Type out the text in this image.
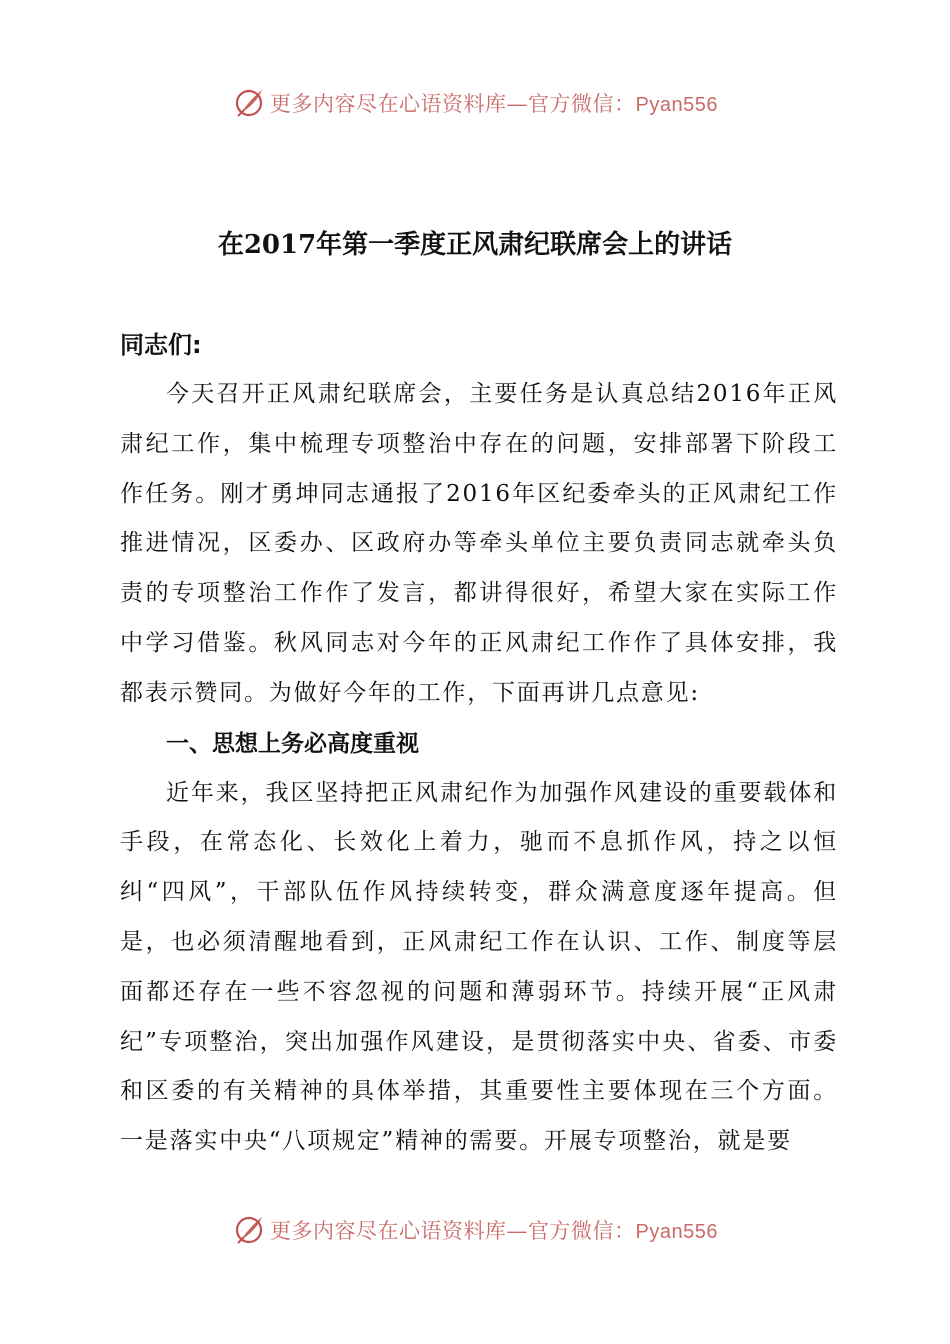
更多内容尽在心语资料库—官方微信：Pyan556
在2017年第一季度正风肃纪联席会上的讲话

同志们:

今天召开正风肃纪联席会，主要任务是认真总结2016年正风肃纪工作，集中梳理专项整治中存在的问题，安排部署下阶段工作任务。刚才勇坤同志通报了2016年区纪委牵头的正风肃纪工作推进情况，区委办、区政府办等牵头单位主要负责同志就牵头负责的专项整治工作作了发言，都讲得很好，希望大家在实际工作中学习借鉴。秋风同志对今年的正风肃纪工作作了具体安排，我都表示赞同。为做好今年的工作，下面再讲几点意见:

一、思想上务必高度重视

近年来，我区坚持把正风肃纪作为加强作风建设的重要载体和手段，在常态化、长效化上着力，驰而不息抓作风，持之以恒纠“四风”，干部队伍作风持续转变，群众满意度逐年提高。但是，也必须清醒地看到，正风肃纪工作在认识、工作、制度等层面都还存在一些不容忽视的问题和薄弱环节。持续开展“正风肃纪”专项整治，突出加强作风建设，是贯彻落实中央、省委、市委和区委的有关精神的具体举措，其重要性主要体现在三个方面。一是落实中央“八项规定”精神的需要。开展专项整治，就是要

更多内容尽在心语资料库—官方微信：Pyan556
